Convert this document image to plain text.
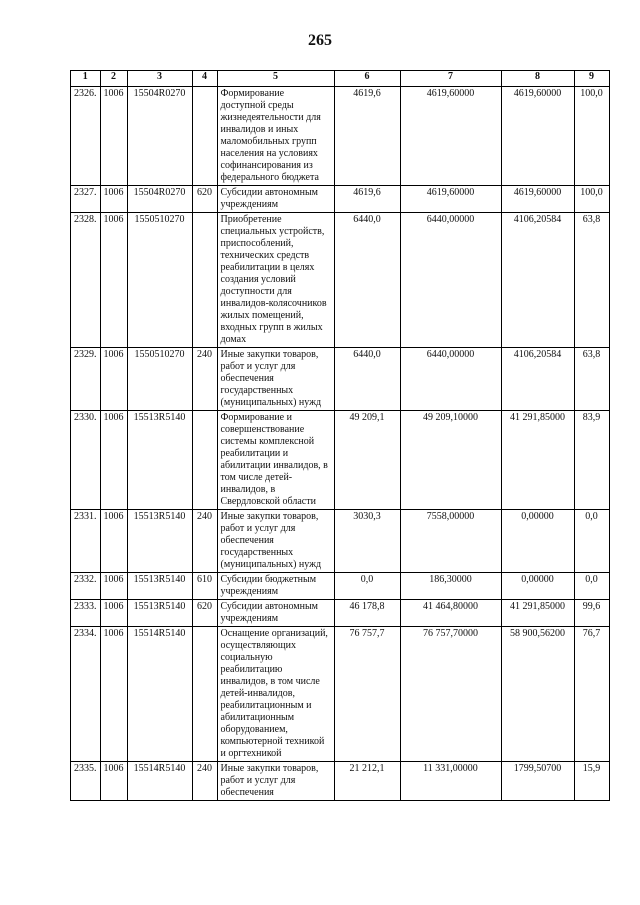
265
1	2	3	4	5	6	7	8	9
2326.	1006	15504R0270		Формирование доступной среды жизнедеятельности для инвалидов и иных маломобильных групп населения на условиях софинансирования из федерального бюджета	4619,6	4619,60000	4619,60000	100,0
2327.	1006	15504R0270	620	Субсидии автономным учреждениям	4619,6	4619,60000	4619,60000	100,0
2328.	1006	1550510270		Приобретение специальных устройств, приспособлений, технических средств реабилитации в целях создания условий доступности для инвалидов-колясочников жилых помещений, входных групп в жилых домах	6440,0	6440,00000	4106,20584	63,8
2329.	1006	1550510270	240	Иные закупки товаров, работ и услуг для обеспечения государственных (муниципальных) нужд	6440,0	6440,00000	4106,20584	63,8
2330.	1006	15513R5140		Формирование и совершенствование системы комплексной реабилитации и абилитации инвалидов, в том числе детей-инвалидов, в Свердловской области	49 209,1	49 209,10000	41 291,85000	83,9
2331.	1006	15513R5140	240	Иные закупки товаров, работ и услуг для обеспечения государственных (муниципальных) нужд	3030,3	7558,00000	0,00000	0,0
2332.	1006	15513R5140	610	Субсидии бюджетным учреждениям	0,0	186,30000	0,00000	0,0
2333.	1006	15513R5140	620	Субсидии автономным учреждениям	46 178,8	41 464,80000	41 291,85000	99,6
2334.	1006	15514R5140		Оснащение организаций, осуществляющих социальную реабилитацию инвалидов, в том числе детей-инвалидов, реабилитационным и абилитационным оборудованием, компьютерной техникой и оргтехникой	76 757,7	76 757,70000	58 900,56200	76,7
2335.	1006	15514R5140	240	Иные закупки товаров, работ и услуг для обеспечения	21 212,1	11 331,00000	1799,50700	15,9
